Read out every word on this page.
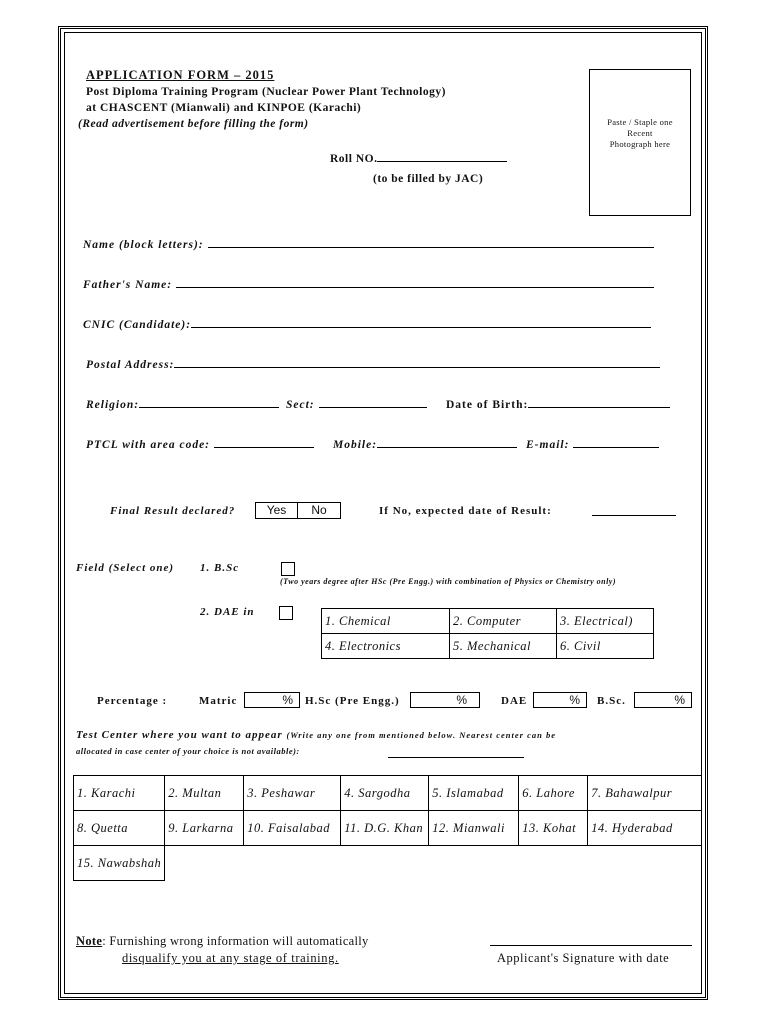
APPLICATION FORM – 2015
Post Diploma Training Program (Nuclear Power Plant Technology)
at CHASCENT (Mianwali) and KINPOE (Karachi)
(Read advertisement before filling the form)
Roll NO.
(to be filled by JAC)
Paste / Staple one
Recent
Photograph here
Name (block letters):
Father's Name:
CNIC (Candidate):
Postal Address:
Religion:	Sect:	Date of Birth:
PTCL with area code:	Mobile:	E-mail:
Final Result declared?	Yes	No	If No, expected date of Result:
Field (Select one) 1. B.Sc
(Two years degree after HSc (Pre Engg.) with combination of Physics or Chemistry only)
2. DAE in
1. Chemical	2. Computer	3. Electrical)
4. Electronics	5. Mechanical	6. Civil
Percentage :	Matric	%	H.Sc (Pre Engg.)	%	DAE	%	B.Sc.	%
Test Center where you want to appear (Write any one from mentioned below. Nearest center can be
allocated in case center of your choice is not available):
1. Karachi	2. Multan	3. Peshawar	4. Sargodha	5. Islamabad	6. Lahore	7. Bahawalpur
8. Quetta	9. Larkarna	10. Faisalabad	11. D.G. Khan	12. Mianwali	13. Kohat	14. Hyderabad
15. Nawabshah						
Note: Furnishing wrong information will automatically
disqualify you at any stage of training.	Applicant's Signature with date
